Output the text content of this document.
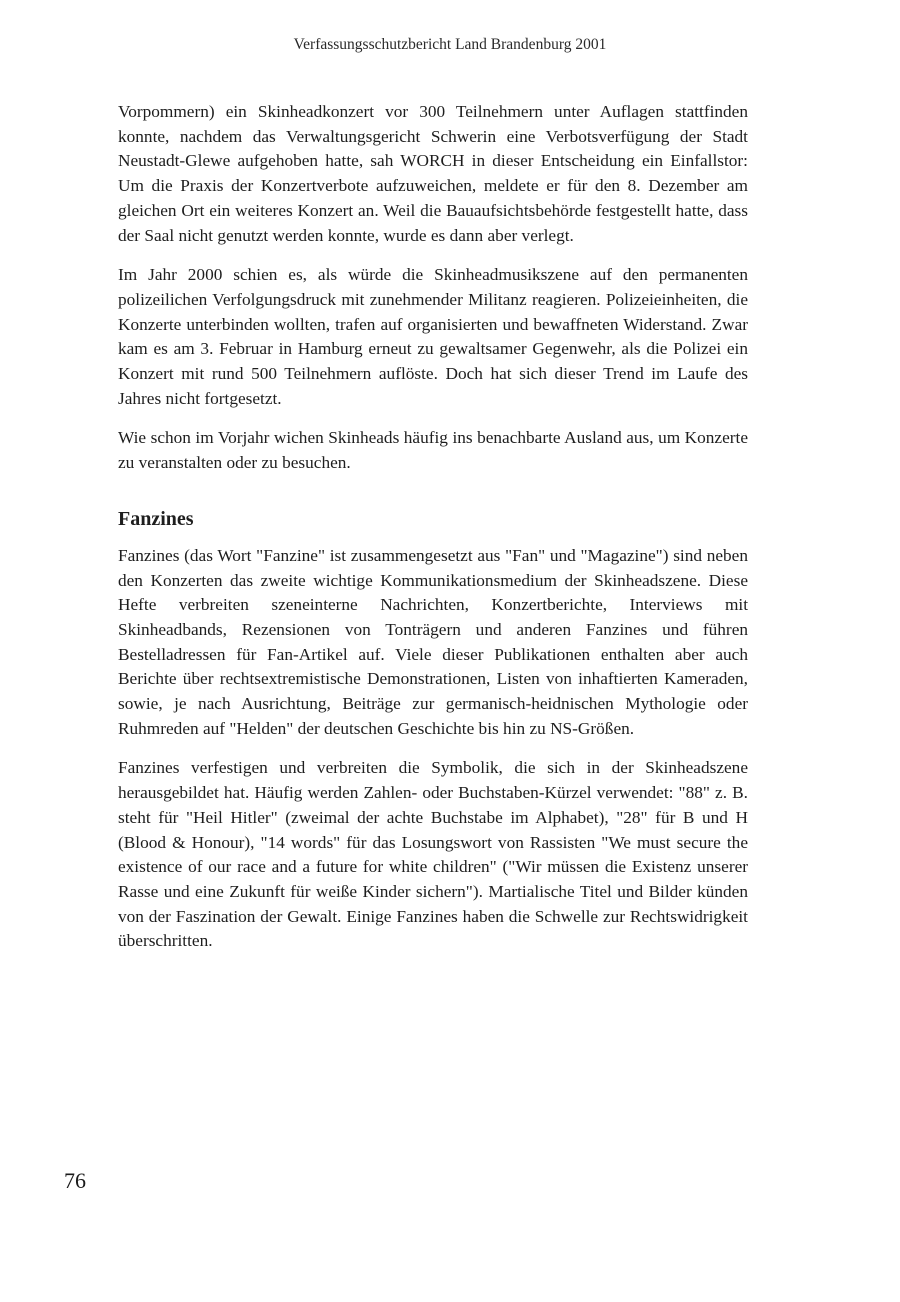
Verfassungsschutzbericht Land Brandenburg 2001

Vorpommern) ein Skinheadkonzert vor 300 Teilnehmern unter Auflagen stattfinden konnte, nachdem das Verwaltungsgericht Schwerin eine Verbotsverfügung der Stadt Neustadt-Glewe aufgehoben hatte, sah WORCH in dieser Entscheidung ein Einfallstor: Um die Praxis der Konzertverbote aufzuweichen, meldete er für den 8. Dezember am gleichen Ort ein weiteres Konzert an. Weil die Bauaufsichtsbehörde festgestellt hatte, dass der Saal nicht genutzt werden konnte, wurde es dann aber verlegt.

Im Jahr 2000 schien es, als würde die Skinheadmusikszene auf den permanenten polizeilichen Verfolgungsdruck mit zunehmender Militanz reagieren. Polizeieinheiten, die Konzerte unterbinden wollten, trafen auf organisierten und bewaffneten Widerstand. Zwar kam es am 3. Februar in Hamburg erneut zu gewaltsamer Gegenwehr, als die Polizei ein Konzert mit rund 500 Teilnehmern auflöste. Doch hat sich dieser Trend im Laufe des Jahres nicht fortgesetzt.

Wie schon im Vorjahr wichen Skinheads häufig ins benachbarte Ausland aus, um Konzerte zu veranstalten oder zu besuchen.

Fanzines

Fanzines (das Wort "Fanzine" ist zusammengesetzt aus "Fan" und "Magazine") sind neben den Konzerten das zweite wichtige Kommunikationsmedium der Skinheadszene. Diese Hefte verbreiten szeneinterne Nachrichten, Konzertberichte, Interviews mit Skinheadbands, Rezensionen von Tonträgern und anderen Fanzines und führen Bestelladressen für Fan-Artikel auf. Viele dieser Publikationen enthalten aber auch Berichte über rechtsextremistische Demonstrationen, Listen von inhaftierten Kameraden, sowie, je nach Ausrichtung, Beiträge zur germanisch-heidnischen Mythologie oder Ruhmreden auf "Helden" der deutschen Geschichte bis hin zu NS-Größen.

Fanzines verfestigen und verbreiten die Symbolik, die sich in der Skinheadszene herausgebildet hat. Häufig werden Zahlen- oder Buchstaben-Kürzel verwendet: "88" z. B. steht für "Heil Hitler" (zweimal der achte Buchstabe im Alphabet), "28" für B und H (Blood & Honour), "14 words" für das Losungswort von Rassisten "We must secure the existence of our race and a future for white children" ("Wir müssen die Existenz unserer Rasse und eine Zukunft für weiße Kinder sichern"). Martialische Titel und Bilder künden von der Faszination der Gewalt. Einige Fanzines haben die Schwelle zur Rechtswidrigkeit überschritten.

76
